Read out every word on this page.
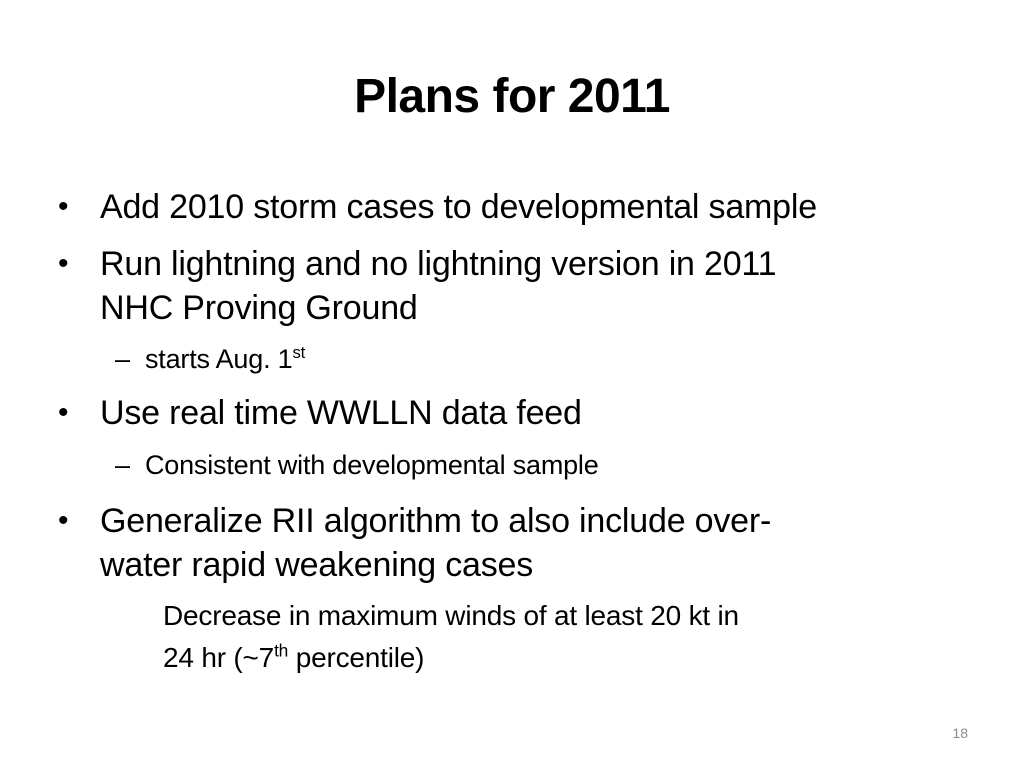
Plans for 2011
• Add 2010 storm cases to developmental sample
• Run lightning and no lightning version in 2011
NHC Proving Ground
– starts Aug. 1st
• Use real time WWLLN data feed
– Consistent with developmental sample
• Generalize RII algorithm to also include over-
water rapid weakening cases
Decrease in maximum winds of at least 20 kt in
24 hr (~7th percentile)
18
